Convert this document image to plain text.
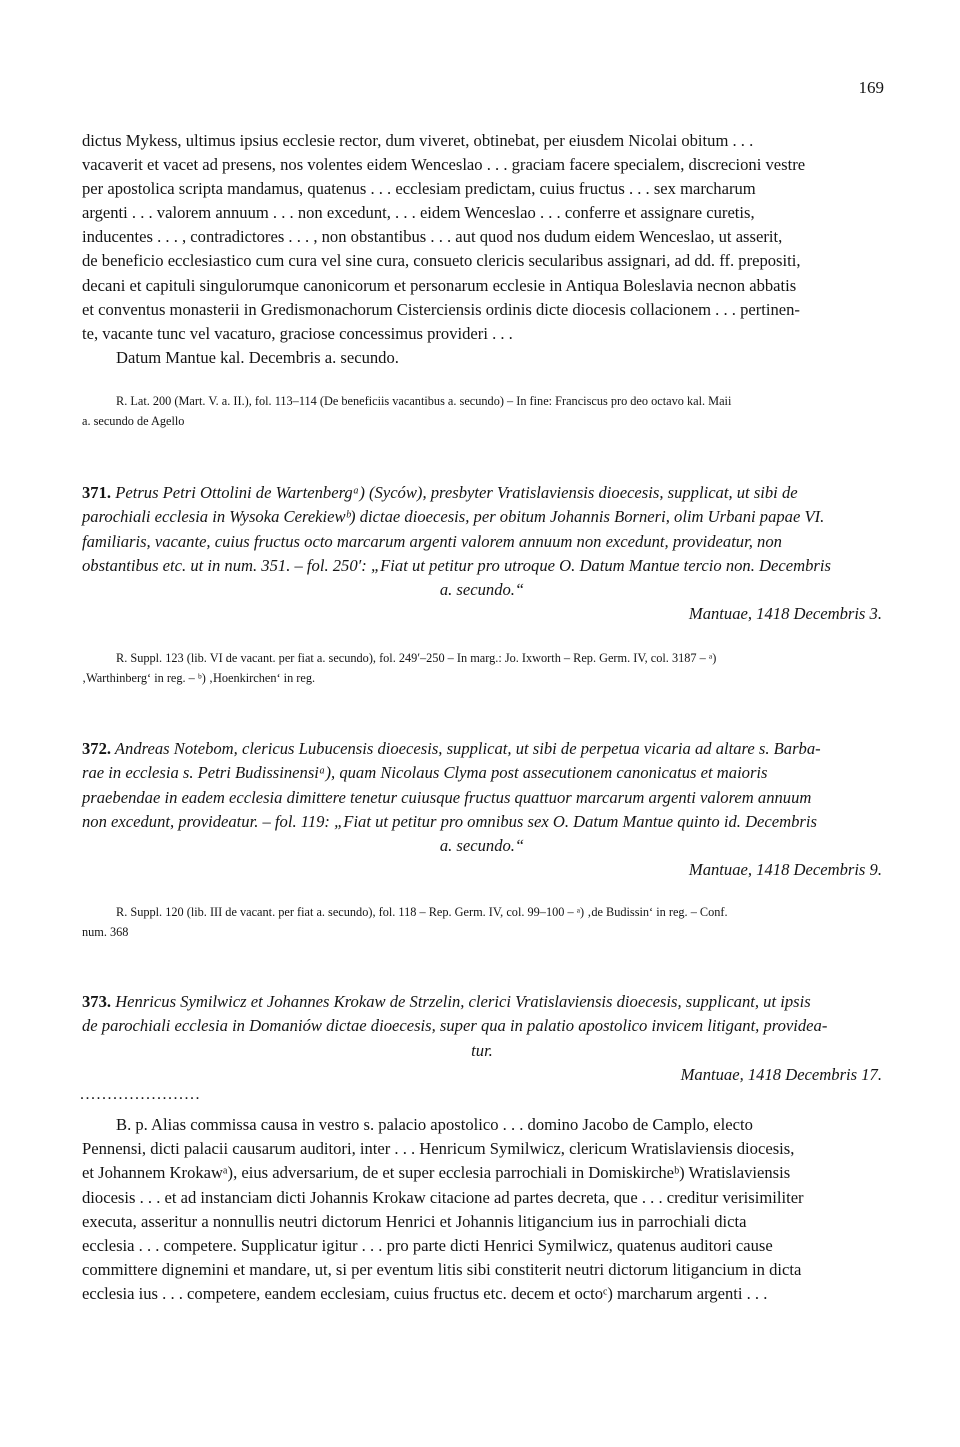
169
dictus Mykess, ultimus ipsius ecclesie rector, dum viveret, obtinebat, per eiusdem Nicolai obitum . . .
vacaverit et vacet ad presens, nos volentes eidem Wenceslao . . . graciam facere specialem, discrecioni vestre
per apostolica scripta mandamus, quatenus . . . ecclesiam predictam, cuius fructus . . . sex marcharum
argenti . . . valorem annuum . . . non excedunt, . . . eidem Wenceslao . . . conferre et assignare curetis,
inducentes . . . , contradictores . . . , non obstantibus . . . aut quod nos dudum eidem Wenceslao, ut asserit,
de beneficio ecclesiastico cum cura vel sine cura, consueto clericis secularibus assignari, ad dd. ff. prepositi,
decani et capituli singulorumque canonicorum et personarum ecclesie in Antiqua Boleslavia necnon abbatis
et conventus monasterii in Gredismonachorum Cisterciensis ordinis dicte diocesis collacionem . . . pertinen-
te, vacante tunc vel vacaturo, graciose concessimus provideri . . .

Datum Mantue kal. Decembris a. secundo.

R. Lat. 200 (Mart. V. a. II.), fol. 113–114 (De beneficiis vacantibus a. secundo) – In fine: Franciscus pro deo octavo kal. Maii

a. secundo de Agello

371. Petrus Petri Ottolini de Wartenbergᵃ) (Syców), presbyter Vratislaviensis dioecesis, supplicat, ut sibi de
parochiali ecclesia in Wysoka Cerekiewᵇ) dictae dioecesis, per obitum Johannis Borneri, olim Urbani papae VI.
familiaris, vacante, cuius fructus octo marcarum argenti valorem annuum non excedunt, provideatur, non
obstantibus etc. ut in num. 351. – fol. 250′: „Fiat ut petitur pro utroque O. Datum Mantue tercio non. Decembris
a. secundo.“

Mantuae, 1418 Decembris 3.

R. Suppl. 123 (lib. VI de vacant. per fiat a. secundo), fol. 249′–250 – In marg.: Jo. Ixworth – Rep. Germ. IV, col. 3187 – ᵃ)

‚Warthinberg‘ in reg. – ᵇ) ‚Hoenkirchen‘ in reg.

372. Andreas Notebom, clericus Lubucensis dioecesis, supplicat, ut sibi de perpetua vicaria ad altare s. Barba-
rae in ecclesia s. Petri Budissinensiᵃ), quam Nicolaus Clyma post assecutionem canonicatus et maioris
praebendae in eadem ecclesia dimittere tenetur cuiusque fructus quattuor marcarum argenti valorem annuum
non excedunt, provideatur. – fol. 119: „Fiat ut petitur pro omnibus sex O. Datum Mantue quinto id. Decembris
a. secundo.“

Mantuae, 1418 Decembris 9.

R. Suppl. 120 (lib. III de vacant. per fiat a. secundo), fol. 118 – Rep. Germ. IV, col. 99–100 – ᵃ) ‚de Budissin‘ in reg. – Conf.

num. 368

373. Henricus Symilwicz et Johannes Krokaw de Strzelin, clerici Vratislaviensis dioecesis, supplicant, ut ipsis
de parochiali ecclesia in Domaniów dictae dioecesis, super qua in palatio apostolico invicem litigant, providea-
tur.

Mantuae, 1418 Decembris 17.

......................
B. p. Alias commissa causa in vestro s. palacio apostolico . . . domino Jacobo de Camplo, electo
Pennensi, dicti palacii causarum auditori, inter . . . Henricum Symilwicz, clericum Wratislaviensis diocesis,
et Johannem Krokawᵃ), eius adversarium, de et super ecclesia parrochiali in Domiskircheᵇ) Wratislaviensis
diocesis . . . et ad instanciam dicti Johannis Krokaw citacione ad partes decreta, que . . . creditur verisimiliter
executa, asseritur a nonnullis neutri dictorum Henrici et Johannis litigancium ius in parrochiali dicta
ecclesia . . . competere. Supplicatur igitur . . . pro parte dicti Henrici Symilwicz, quatenus auditori cause
committere dignemini et mandare, ut, si per eventum litis sibi constiterit neutri dictorum litigancium in dicta
ecclesia ius . . . competere, eandem ecclesiam, cuius fructus etc. decem et octoᶜ) marcharum argenti . . .
